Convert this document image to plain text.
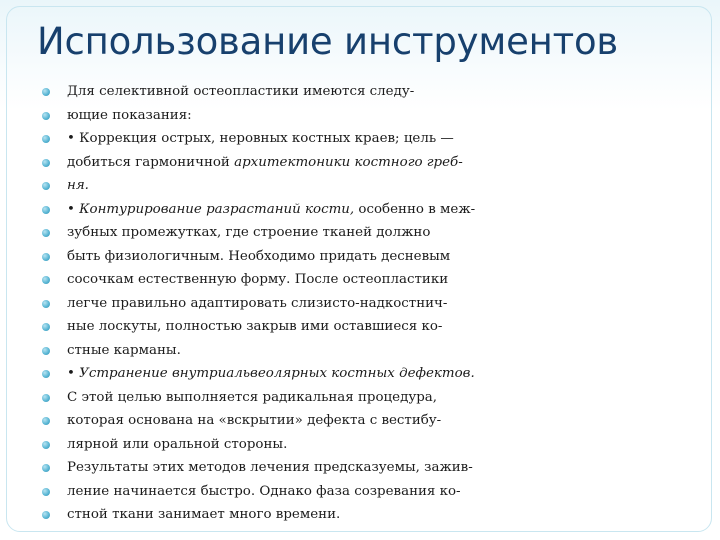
Использование инструментов
Для селективной остеопластики имеются следу-
ющие показания:
• Коррекция острых, неровных костных краев; цель —
добиться гармоничной архитектоники костного греб-
ня.
• Контурирование разрастаний кости, особенно в меж-
зубных промежутках, где строение тканей должно
быть физиологичным. Необходимо придать десневым
сосочкам естественную форму. После остеопластики
легче правильно адаптировать слизисто-надкостнич-
ные лоскуты, полностью закрыв ими оставшиеся ко-
стные карманы.
• Устранение внутриальвеолярных костных дефектов.
С этой целью выполняется радикальная процедура,
которая основана на «вскрытии» дефекта с вестибу-
лярной или оральной стороны.
Результаты этих методов лечения предсказуемы, зажив-
ление начинается быстро. Однако фаза созревания ко-
стной ткани занимает много времени.
